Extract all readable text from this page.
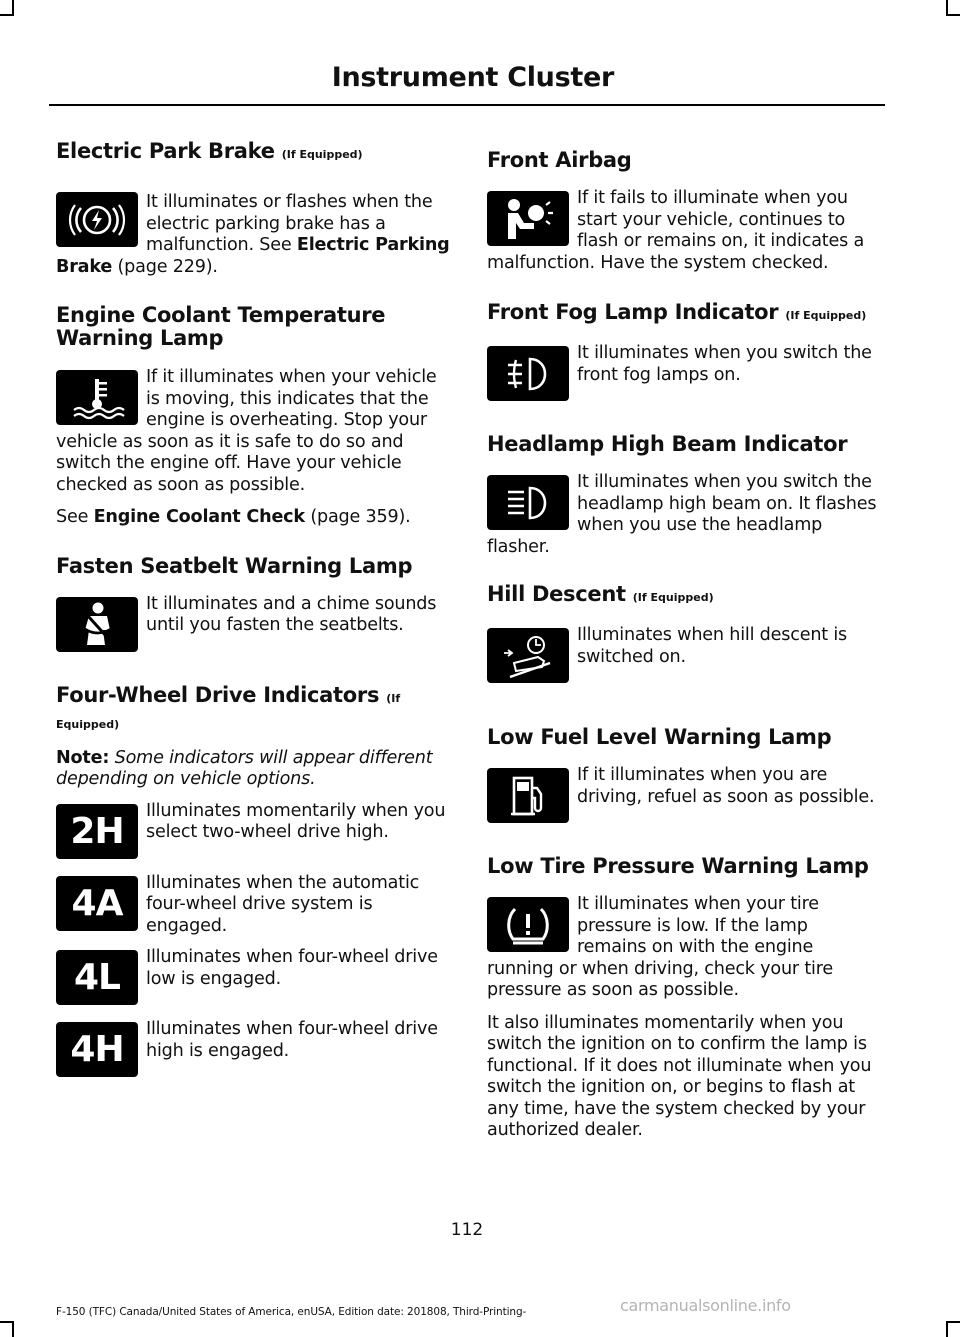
Instrument Cluster
Electric Park Brake (If Equipped)

It illuminates or flashes when the electric parking brake has a malfunction. See Electric Parking Brake (page 229).

Engine Coolant Temperature Warning Lamp

If it illuminates when your vehicle is moving, this indicates that the engine is overheating. Stop your vehicle as soon as it is safe to do so and switch the engine off. Have your vehicle checked as soon as possible.

See Engine Coolant Check (page 359).

Fasten Seatbelt Warning Lamp

It illuminates and a chime sounds until you fasten the seatbelts.

Four-Wheel Drive Indicators (If Equipped)

Note: Some indicators will appear different depending on vehicle options.

2H	Illuminates momentarily when you select two-wheel drive high.

4A	Illuminates when the automatic four-wheel drive system is engaged.

4L	Illuminates when four-wheel drive low is engaged.

4H	Illuminates when four-wheel drive high is engaged.

Front Airbag

If it fails to illuminate when you start your vehicle, continues to flash or remains on, it indicates a malfunction. Have the system checked.

Front Fog Lamp Indicator (If Equipped)

It illuminates when you switch the front fog lamps on.

Headlamp High Beam Indicator

It illuminates when you switch the headlamp high beam on. It flashes when you use the headlamp flasher.

Hill Descent (If Equipped)

Illuminates when hill descent is switched on.

Low Fuel Level Warning Lamp

If it illuminates when you are driving, refuel as soon as possible.

Low Tire Pressure Warning Lamp

It illuminates when your tire pressure is low. If the lamp remains on with the engine running or when driving, check your tire pressure as soon as possible.

It also illuminates momentarily when you switch the ignition on to confirm the lamp is functional. If it does not illuminate when you switch the ignition on, or begins to flash at any time, have the system checked by your authorized dealer.

112
F-150 (TFC) Canada/United States of America, enUSA, Edition date: 201808, Third-Printing-	carmanualsonline.info
